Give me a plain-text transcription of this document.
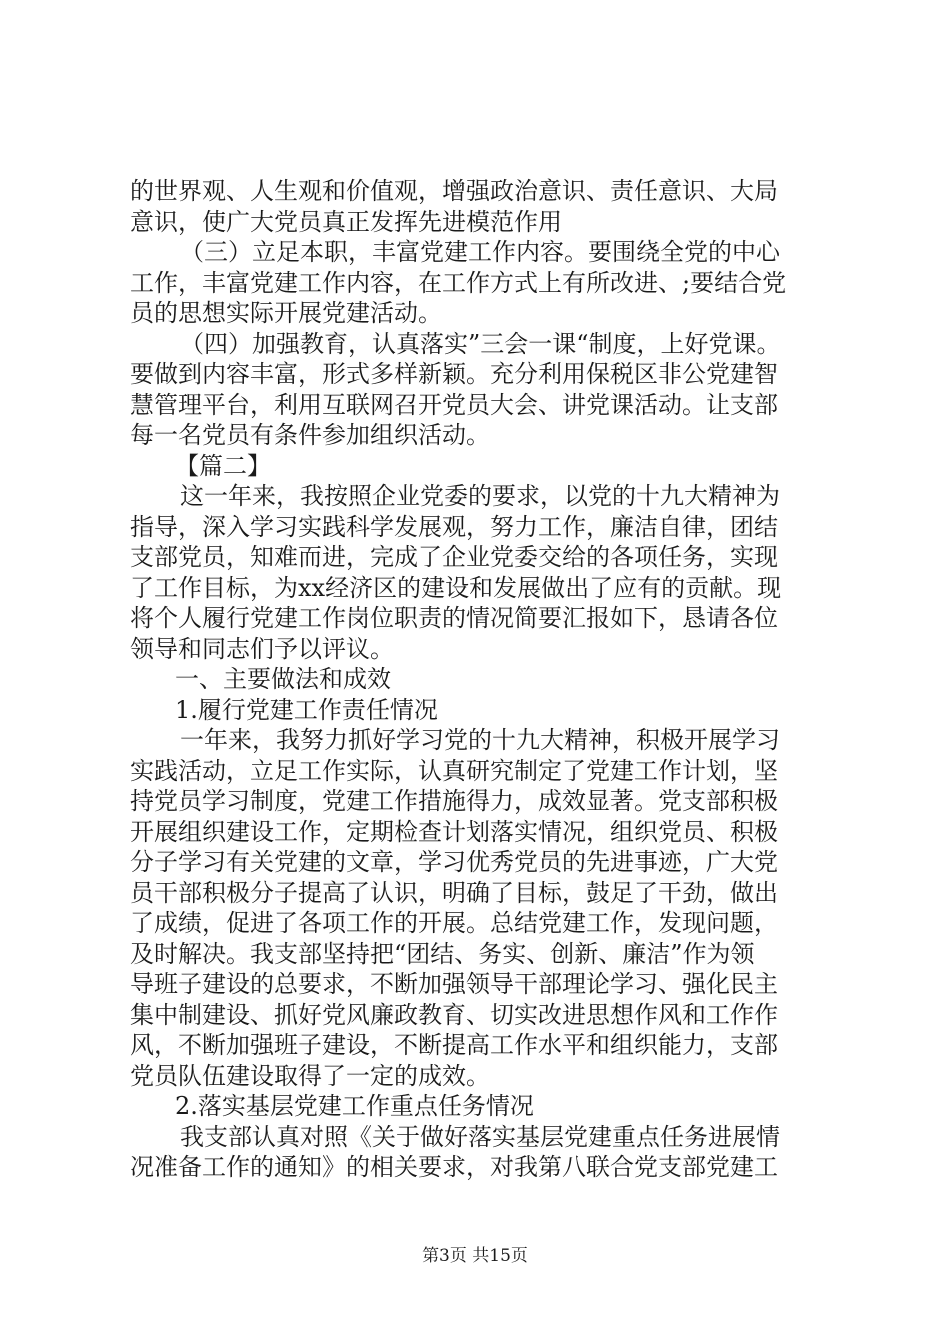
的世界观、人生观和价值观，增强政治意识、责任意识、大局
意识，使广大党员真正发挥先进模范作用
（三）立足本职，丰富党建工作内容。要围绕全党的中心
工作，丰富党建工作内容，在工作方式上有所改进、;要结合党
员的思想实际开展党建活动。
（四）加强教育，认真落实”三会一课“制度，上好党课。
要做到内容丰富，形式多样新颖。充分利用保税区非公党建智
慧管理平台，利用互联网召开党员大会、讲党课活动。让支部
每一名党员有条件参加组织活动。
【篇二】
这一年来，我按照企业党委的要求，以党的十九大精神为
指导，深入学习实践科学发展观，努力工作，廉洁自律，团结
支部党员，知难而进，完成了企业党委交给的各项任务，实现
了工作目标，为xx经济区的建设和发展做出了应有的贡献。现
将个人履行党建工作岗位职责的情况简要汇报如下，恳请各位
领导和同志们予以评议。
一、主要做法和成效
1.履行党建工作责任情况
一年来，我努力抓好学习党的十九大精神，积极开展学习
实践活动，立足工作实际，认真研究制定了党建工作计划，坚
持党员学习制度，党建工作措施得力，成效显著。党支部积极
开展组织建设工作，定期检查计划落实情况，组织党员、积极
分子学习有关党建的文章，学习优秀党员的先进事迹，广大党
员干部积极分子提高了认识，明确了目标，鼓足了干劲，做出
了成绩，促进了各项工作的开展。总结党建工作，发现问题，
及时解决。我支部坚持把“团结、务实、创新、廉洁”作为领
导班子建设的总要求，不断加强领导干部理论学习、强化民主
集中制建设、抓好党风廉政教育、切实改进思想作风和工作作
风，不断加强班子建设，不断提高工作水平和组织能力，支部
党员队伍建设取得了一定的成效。
2.落实基层党建工作重点任务情况
我支部认真对照《关于做好落实基层党建重点任务进展情
况准备工作的通知》的相关要求，对我第八联合党支部党建工
第3页 共15页
